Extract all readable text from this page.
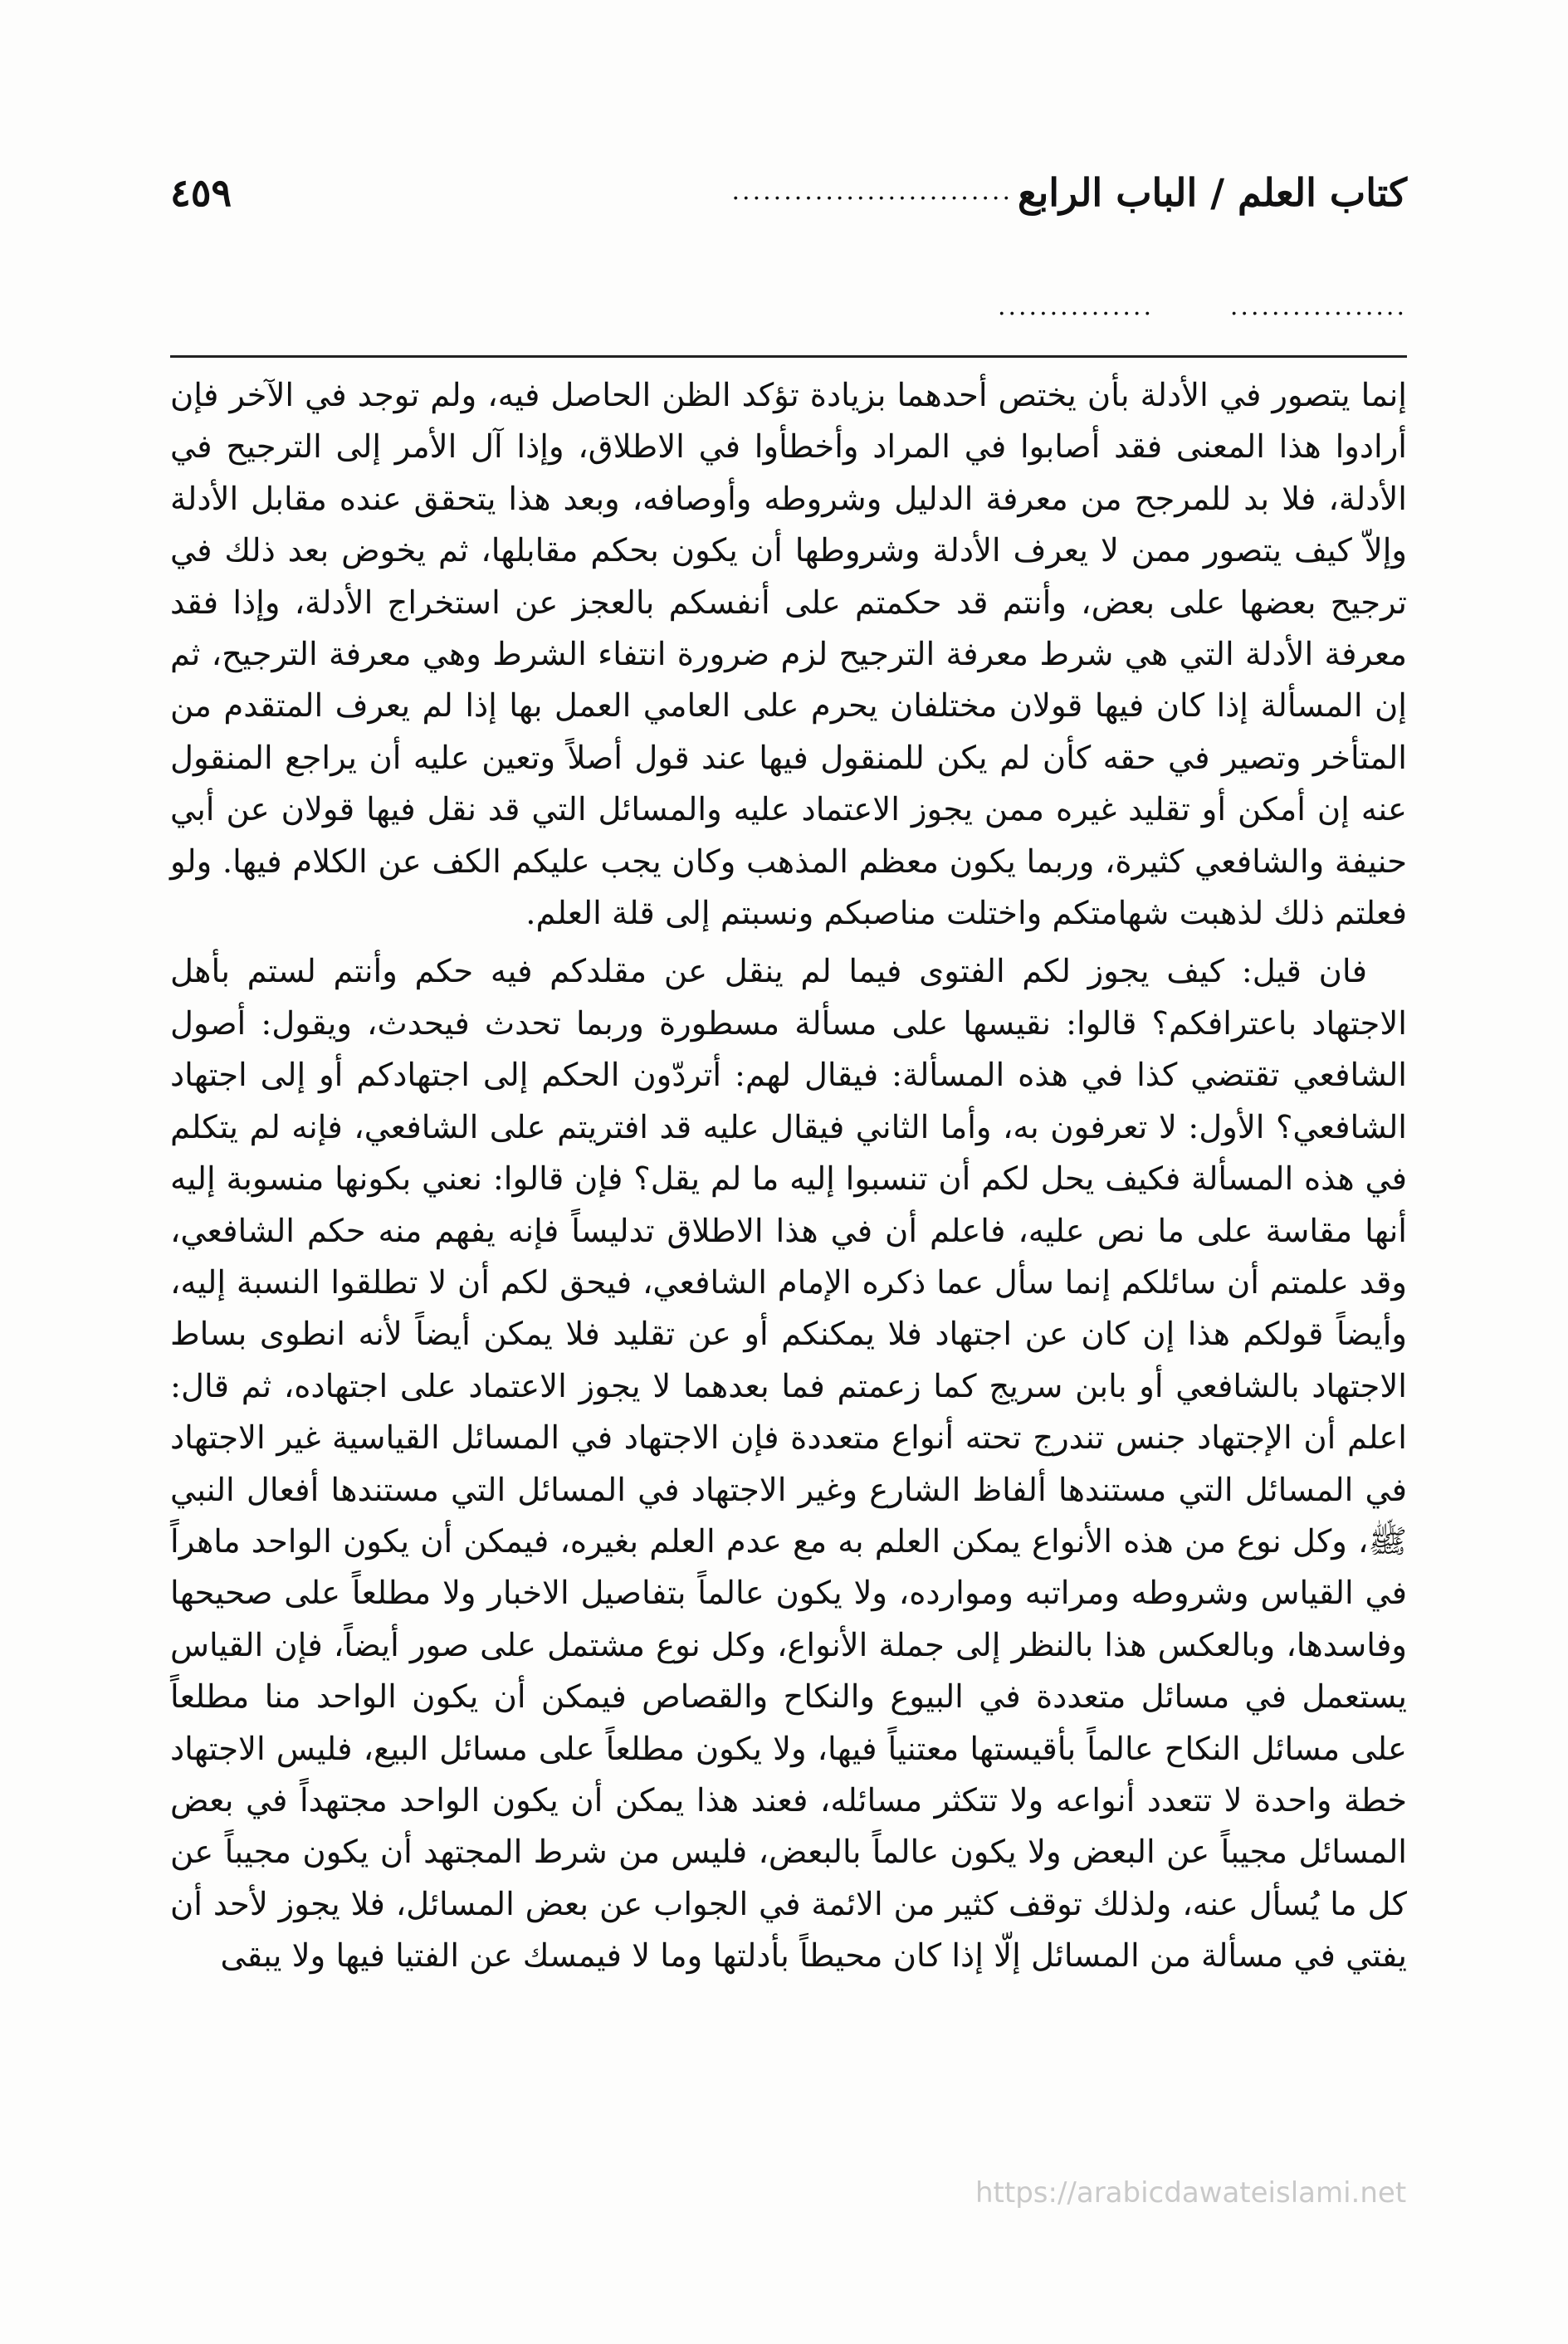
كتاب العلم / الباب الرابع
...........................
٤٥٩
.................
...............

إنما يتصور في الأدلة بأن يختص أحدهما بزيادة تؤكد الظن الحاصل فيه، ولم توجد في الآخر فإن أرادوا هذا المعنى فقد أصابوا في المراد وأخطأوا في الاطلاق، وإذا آل الأمر إلى الترجيح في الأدلة، فلا بد للمرجح من معرفة الدليل وشروطه وأوصافه، وبعد هذا يتحقق عنده مقابل الأدلة وإلاّ كيف يتصور ممن لا يعرف الأدلة وشروطها أن يكون بحكم مقابلها، ثم يخوض بعد ذلك في ترجيح بعضها على بعض، وأنتم قد حكمتم على أنفسكم بالعجز عن استخراج الأدلة، وإذا فقد معرفة الأدلة التي هي شرط معرفة الترجيح لزم ضرورة انتفاء الشرط وهي معرفة الترجيح، ثم إن المسألة إذا كان فيها قولان مختلفان يحرم على العامي العمل بها إذا لم يعرف المتقدم من المتأخر وتصير في حقه كأن لم يكن للمنقول فيها عند قول أصلاً وتعين عليه أن يراجع المنقول عنه إن أمكن أو تقليد غيره ممن يجوز الاعتماد عليه والمسائل التي قد نقل فيها قولان عن أبي حنيفة والشافعي كثيرة، وربما يكون معظم المذهب وكان يجب عليكم الكف عن الكلام فيها. ولو فعلتم ذلك لذهبت شهامتكم واختلت مناصبكم ونسبتم إلى قلة العلم.

فان قيل: كيف يجوز لكم الفتوى فيما لم ينقل عن مقلدكم فيه حكم وأنتم لستم بأهل الاجتهاد باعترافكم؟ قالوا: نقيسها على مسألة مسطورة وربما تحدث فيحدث، ويقول: أصول الشافعي تقتضي كذا في هذه المسألة: فيقال لهم: أتردّون الحكم إلى اجتهادكم أو إلى اجتهاد الشافعي؟ الأول: لا تعرفون به، وأما الثاني فيقال عليه قد افتريتم على الشافعي، فإنه لم يتكلم في هذه المسألة فكيف يحل لكم أن تنسبوا إليه ما لم يقل؟ فإن قالوا: نعني بكونها منسوبة إليه أنها مقاسة على ما نص عليه، فاعلم أن في هذا الاطلاق تدليساً فإنه يفهم منه حكم الشافعي، وقد علمتم أن سائلكم إنما سأل عما ذكره الإمام الشافعي، فيحق لكم أن لا تطلقوا النسبة إليه، وأيضاً قولكم هذا إن كان عن اجتهاد فلا يمكنكم أو عن تقليد فلا يمكن أيضاً لأنه انطوى بساط الاجتهاد بالشافعي أو بابن سريج كما زعمتم فما بعدهما لا يجوز الاعتماد على اجتهاده، ثم قال: اعلم أن الإجتهاد جنس تندرج تحته أنواع متعددة فإن الاجتهاد في المسائل القياسية غير الاجتهاد في المسائل التي مستندها ألفاظ الشارع وغير الاجتهاد في المسائل التي مستندها أفعال النبي ﷺ، وكل نوع من هذه الأنواع يمكن العلم به مع عدم العلم بغيره، فيمكن أن يكون الواحد ماهراً في القياس وشروطه ومراتبه وموارده، ولا يكون عالماً بتفاصيل الاخبار ولا مطلعاً على صحيحها وفاسدها، وبالعكس هذا بالنظر إلى جملة الأنواع، وكل نوع مشتمل على صور أيضاً، فإن القياس يستعمل في مسائل متعددة في البيوع والنكاح والقصاص فيمكن أن يكون الواحد منا مطلعاً على مسائل النكاح عالماً بأقيستها معتنياً فيها، ولا يكون مطلعاً على مسائل البيع، فليس الاجتهاد خطة واحدة لا تتعدد أنواعه ولا تتكثر مسائله، فعند هذا يمكن أن يكون الواحد مجتهداً في بعض المسائل مجيباً عن البعض ولا يكون عالماً بالبعض، فليس من شرط المجتهد أن يكون مجيباً عن كل ما يُسأل عنه، ولذلك توقف كثير من الائمة في الجواب عن بعض المسائل، فلا يجوز لأحد أن يفتي في مسألة من المسائل إلّا إذا كان محيطاً بأدلتها وما لا فيمسك عن الفتيا فيها ولا يبقى

https://arabicdawateislami.net
